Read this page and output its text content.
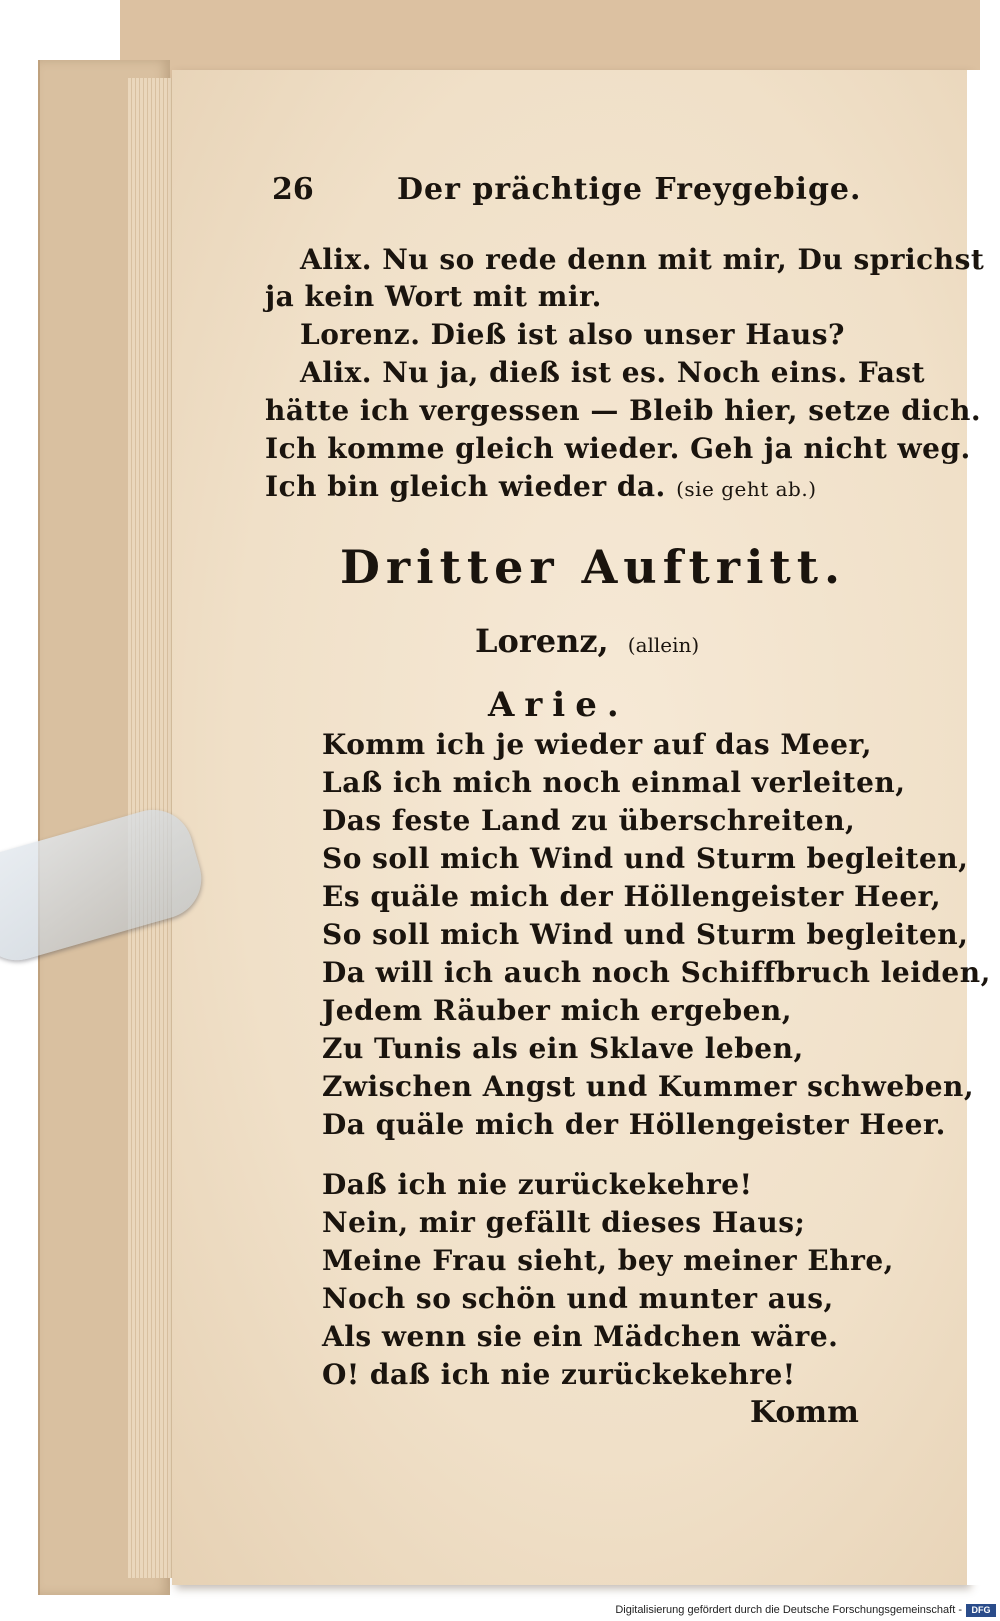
26	Der prächtige Freygebige.
Alix. Nu so rede denn mit mir, Du sprichst
ja kein Wort mit mir.
Lorenz. Dieß ist also unser Haus?
Alix. Nu ja, dieß ist es. Noch eins. Fast
hätte ich vergessen — Bleib hier, setze dich.
Ich komme gleich wieder. Geh ja nicht weg.
Ich bin gleich wieder da. (sie geht ab.)
Dritter Auftritt.
Lorenz, (allein)
Arie.
Komm ich je wieder auf das Meer,
Laß ich mich noch einmal verleiten,
Das feste Land zu überschreiten,
So soll mich Wind und Sturm begleiten,
Es quäle mich der Höllengeister Heer,
So soll mich Wind und Sturm begleiten,
Da will ich auch noch Schiffbruch leiden,
Jedem Räuber mich ergeben,
Zu Tunis als ein Sklave leben,
Zwischen Angst und Kummer schweben,
Da quäle mich der Höllengeister Heer.
Daß ich nie zurückekehre!
Nein, mir gefällt dieses Haus;
Meine Frau sieht, bey meiner Ehre,
Noch so schön und munter aus,
Als wenn sie ein Mädchen wäre.
O! daß ich nie zurückekehre!
Komm
Digitalisierung gefördert durch die Deutsche Forschungsgemeinschaft -	DFG
